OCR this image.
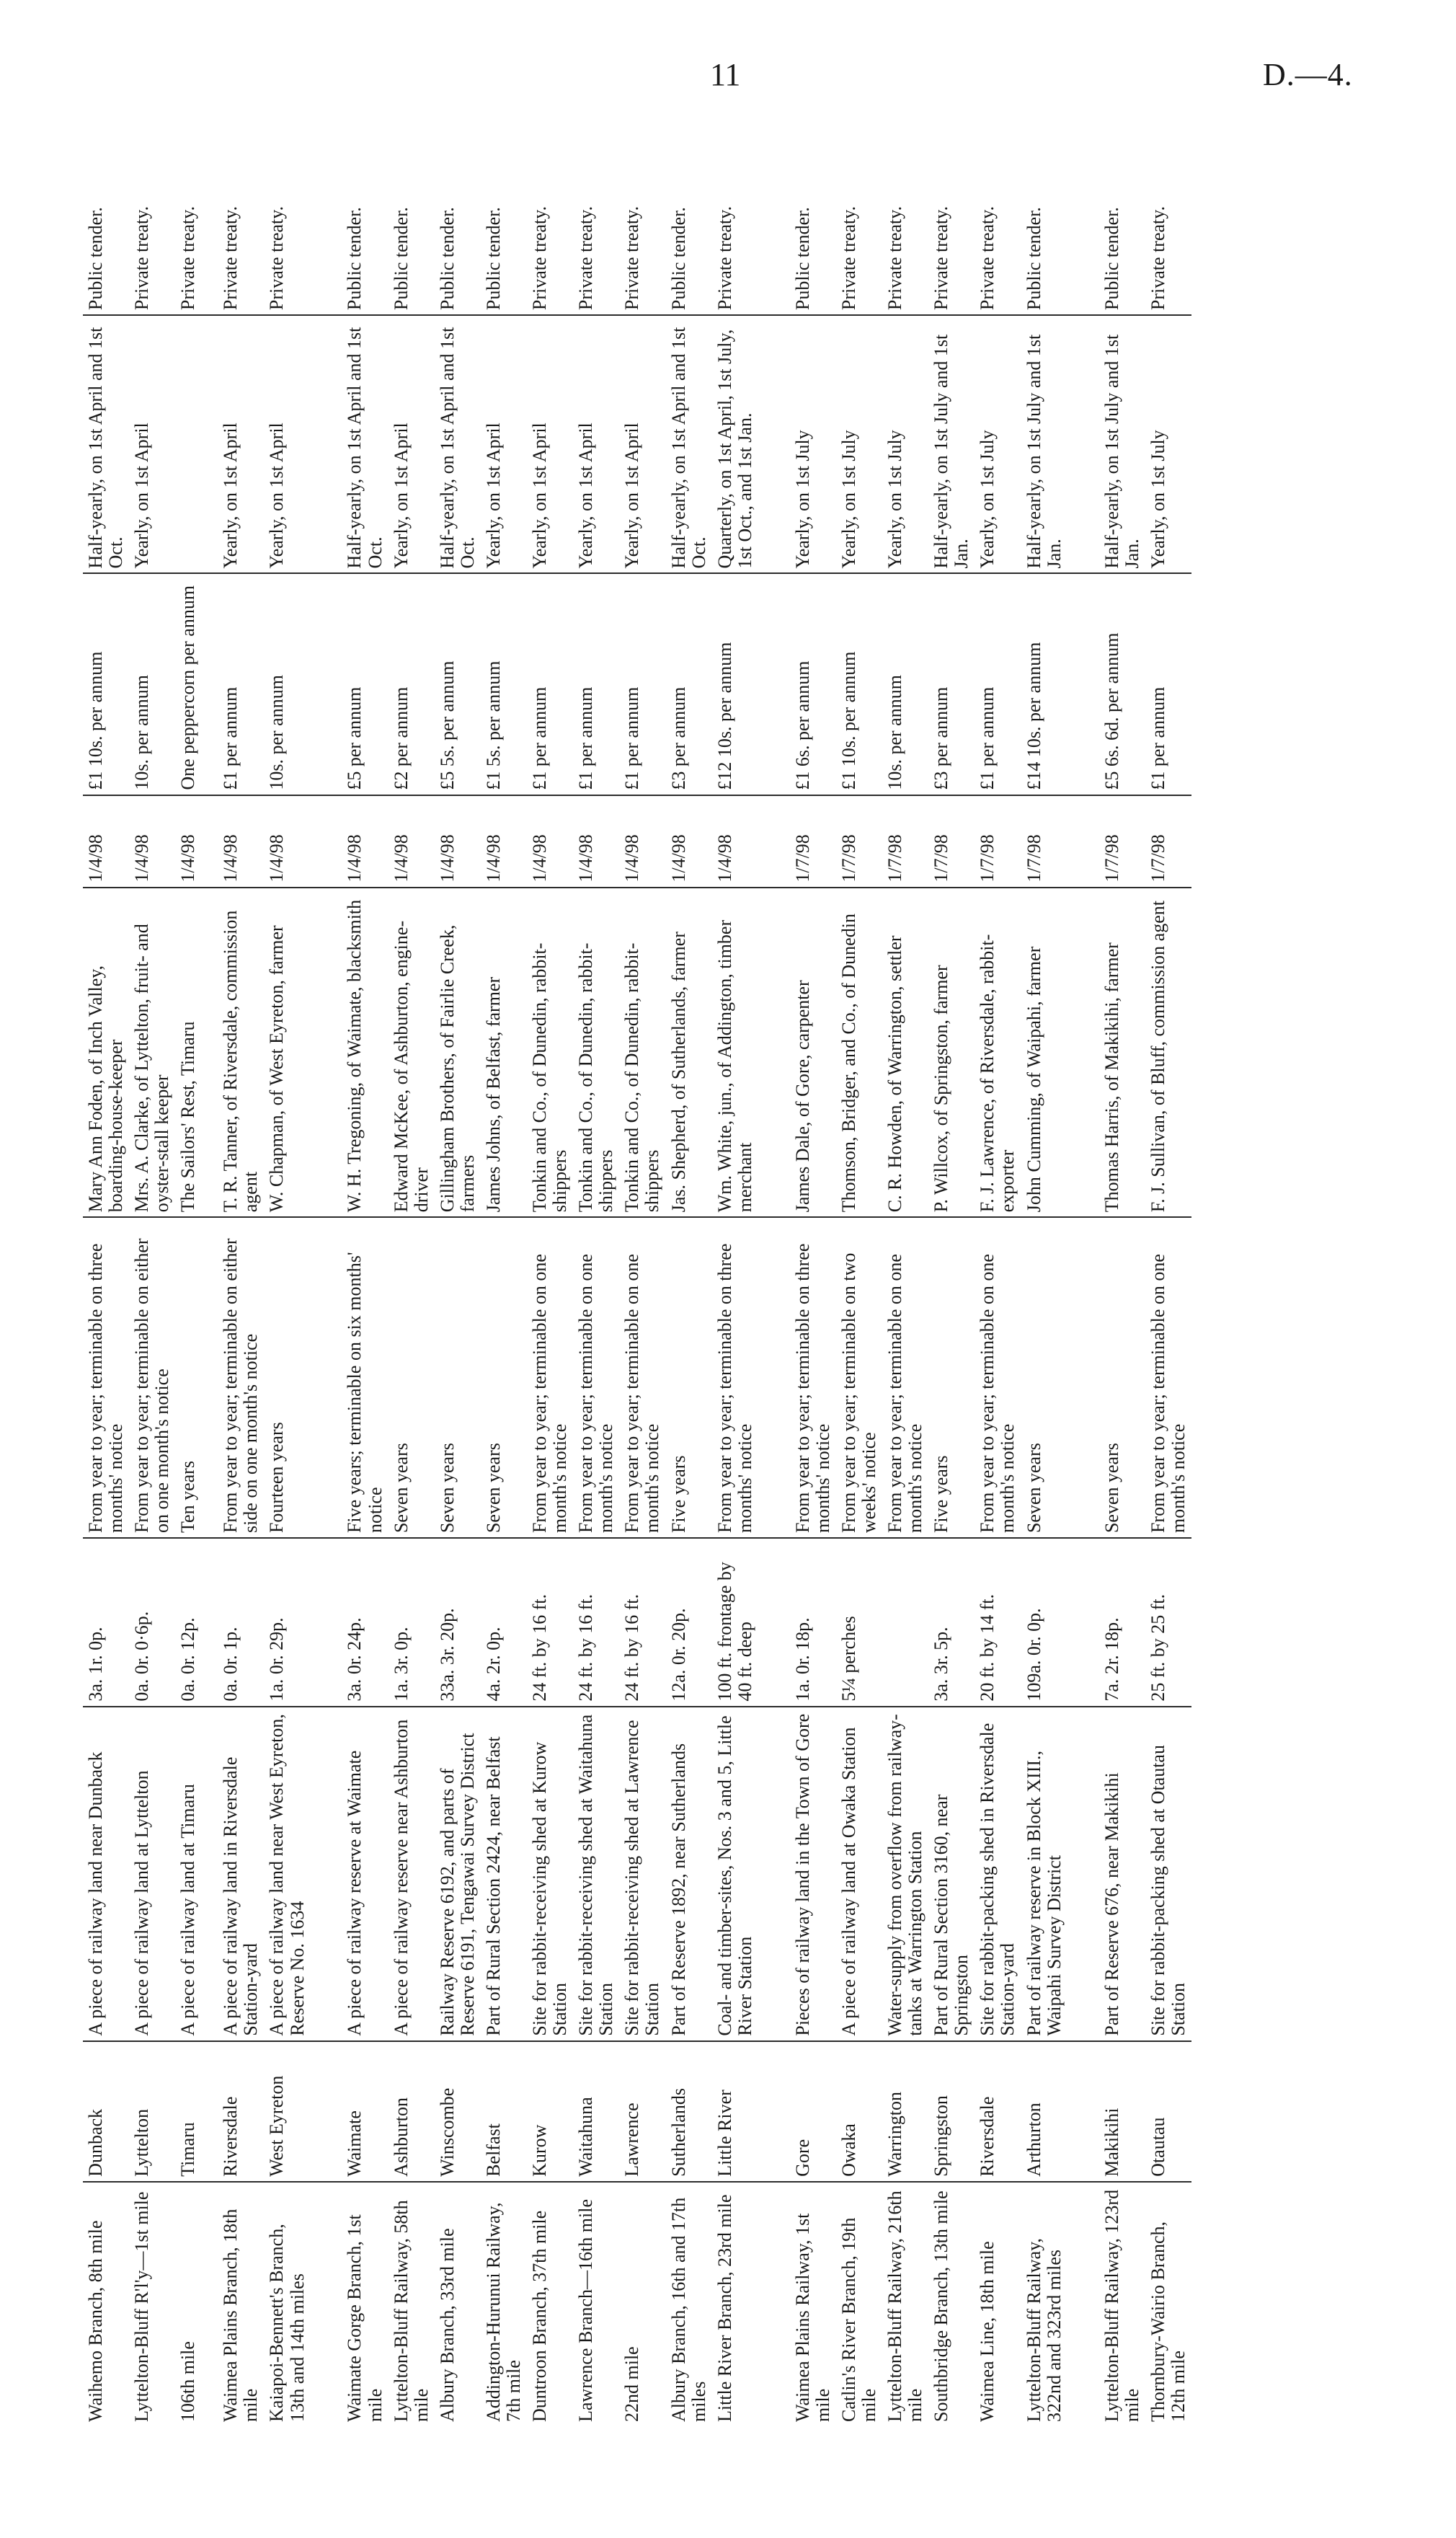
11	D.—4.
Waihemo Branch, 8th mile	Dunback	A piece of railway land near Dunback	3a. 1r. 0p.	From year to year; terminable on three months' notice	Mary Ann Foden, of Inch Valley, boarding-house-keeper	1/4/98	£1 10s. per annum	Half-yearly, on 1st April and 1st Oct.	Public tender.
Lyttelton-Bluff R'l'y—1st mile	Lyttelton	A piece of railway land at Lyttelton	0a. 0r. 0·6p.	From year to year; terminable on either on one month's notice	Mrs. A. Clarke, of Lyttelton, fruit- and oyster-stall keeper	1/4/98	10s. per annum	Yearly, on 1st April	Private treaty.
106th mile	Timaru	A piece of railway land at Timaru	0a. 0r. 12p.	Ten years	The Sailors' Rest, Timaru	1/4/98	One peppercorn per annum		Private treaty.
Waimea Plains Branch, 18th mile	Riversdale	A piece of railway land in Riversdale Station-yard	0a. 0r. 1p.	From year to year; terminable on either side on one month's notice	T. R. Tanner, of Riversdale, commission agent	1/4/98	£1 per annum	Yearly, on 1st April	Private treaty.
Kaiapoi-Bennett's Branch, 13th and 14th miles	West Eyreton	A piece of railway land near West Eyreton, Reserve No. 1634	1a. 0r. 29p.	Fourteen years	W. Chapman, of West Eyreton, farmer	1/4/98	10s. per annum	Yearly, on 1st April	Private treaty.
Waimate Gorge Branch, 1st mile	Waimate	A piece of railway reserve at Waimate	3a. 0r. 24p.	Five years; terminable on six months' notice	W. H. Tregoning, of Waimate, blacksmith	1/4/98	£5 per annum	Half-yearly, on 1st April and 1st Oct.	Public tender.
Lyttelton-Bluff Railway, 58th mile	Ashburton	A piece of railway reserve near Ashburton	1a. 3r. 0p.	Seven years	Edward McKee, of Ashburton, engine-driver	1/4/98	£2 per annum	Yearly, on 1st April	Public tender.
Albury Branch, 33rd mile	Winscombe	Railway Reserve 6192, and parts of Reserve 6191, Tengawai Survey District	33a. 3r. 20p.	Seven years	Gillingham Brothers, of Fairlie Creek, farmers	1/4/98	£5 5s. per annum	Half-yearly, on 1st April and 1st Oct.	Public tender.
Addington-Hurunui Railway, 7th mile	Belfast	Part of Rural Section 2424, near Belfast	4a. 2r. 0p.	Seven years	James Johns, of Belfast, farmer	1/4/98	£1 5s. per annum	Yearly, on 1st April	Public tender.
Duntroon Branch, 37th mile	Kurow	Site for rabbit-receiving shed at Kurow Station	24 ft. by 16 ft.	From year to year; terminable on one month's notice	Tonkin and Co., of Dunedin, rabbit-shippers	1/4/98	£1 per annum	Yearly, on 1st April	Private treaty.
Lawrence Branch—16th mile	Waitahuna	Site for rabbit-receiving shed at Waitahuna Station	24 ft. by 16 ft.	From year to year; terminable on one month's notice	Tonkin and Co., of Dunedin, rabbit-shippers	1/4/98	£1 per annum	Yearly, on 1st April	Private treaty.
22nd mile	Lawrence	Site for rabbit-receiving shed at Lawrence Station	24 ft. by 16 ft.	From year to year; terminable on one month's notice	Tonkin and Co., of Dunedin, rabbit-shippers	1/4/98	£1 per annum	Yearly, on 1st April	Private treaty.
Albury Branch, 16th and 17th miles	Sutherlands	Part of Reserve 1892, near Sutherlands	12a. 0r. 20p.	Five years	Jas. Shepherd, of Sutherlands, farmer	1/4/98	£3 per annum	Half-yearly, on 1st April and 1st Oct.	Public tender.
Little River Branch, 23rd mile	Little River	Coal- and timber-sites, Nos. 3 and 5, Little River Station	100 ft. frontage by 40 ft. deep	From year to year; terminable on three months' notice	Wm. White, jun., of Addington, timber merchant	1/4/98	£12 10s. per annum	Quarterly, on 1st April, 1st July, 1st Oct., and 1st Jan.	Private treaty.
Waimea Plains Railway, 1st mile	Gore	Pieces of railway land in the Town of Gore	1a. 0r. 18p.	From year to year; terminable on three months' notice	James Dale, of Gore, carpenter	1/7/98	£1 6s. per annum	Yearly, on 1st July	Public tender.
Catlin's River Branch, 19th mile	Owaka	A piece of railway land at Owaka Station	5¼ perches	From year to year; terminable on two weeks' notice	Thomson, Bridger, and Co., of Dunedin	1/7/98	£1 10s. per annum	Yearly, on 1st July	Private treaty.
Lyttelton-Bluff Railway, 216th mile	Warrington	Water-supply from overflow from railway-tanks at Warrington Station		From year to year; terminable on one month's notice	C. R. Howden, of Warrington, settler	1/7/98	10s. per annum	Yearly, on 1st July	Private treaty.
Southbridge Branch, 13th mile	Springston	Part of Rural Section 3160, near Springston	3a. 3r. 5p.	Five years	P. Willcox, of Springston, farmer	1/7/98	£3 per annum	Half-yearly, on 1st July and 1st Jan.	Private treaty.
Waimea Line, 18th mile	Riversdale	Site for rabbit-packing shed in Riversdale Station-yard	20 ft. by 14 ft.	From year to year; terminable on one month's notice	F. J. Lawrence, of Riversdale, rabbit-exporter	1/7/98	£1 per annum	Yearly, on 1st July	Private treaty.
Lyttelton-Bluff Railway, 322nd and 323rd miles	Arthurton	Part of railway reserve in Block XIII., Waipahi Survey District	109a. 0r. 0p.	Seven years	John Cumming, of Waipahi, farmer	1/7/98	£14 10s. per annum	Half-yearly, on 1st July and 1st Jan.	Public tender.
Lyttelton-Bluff Railway, 123rd mile	Makikihi	Part of Reserve 676, near Makikihi	7a. 2r. 18p.	Seven years	Thomas Harris, of Makikihi, farmer	1/7/98	£5 6s. 6d. per annum	Half-yearly, on 1st July and 1st Jan.	Public tender.
Thornbury-Wairio Branch, 12th mile	Otautau	Site for rabbit-packing shed at Otautau Station	25 ft. by 25 ft.	From year to year; terminable on one month's notice	F. J. Sullivan, of Bluff, commission agent	1/7/98	£1 per annum	Yearly, on 1st July	Private treaty.
